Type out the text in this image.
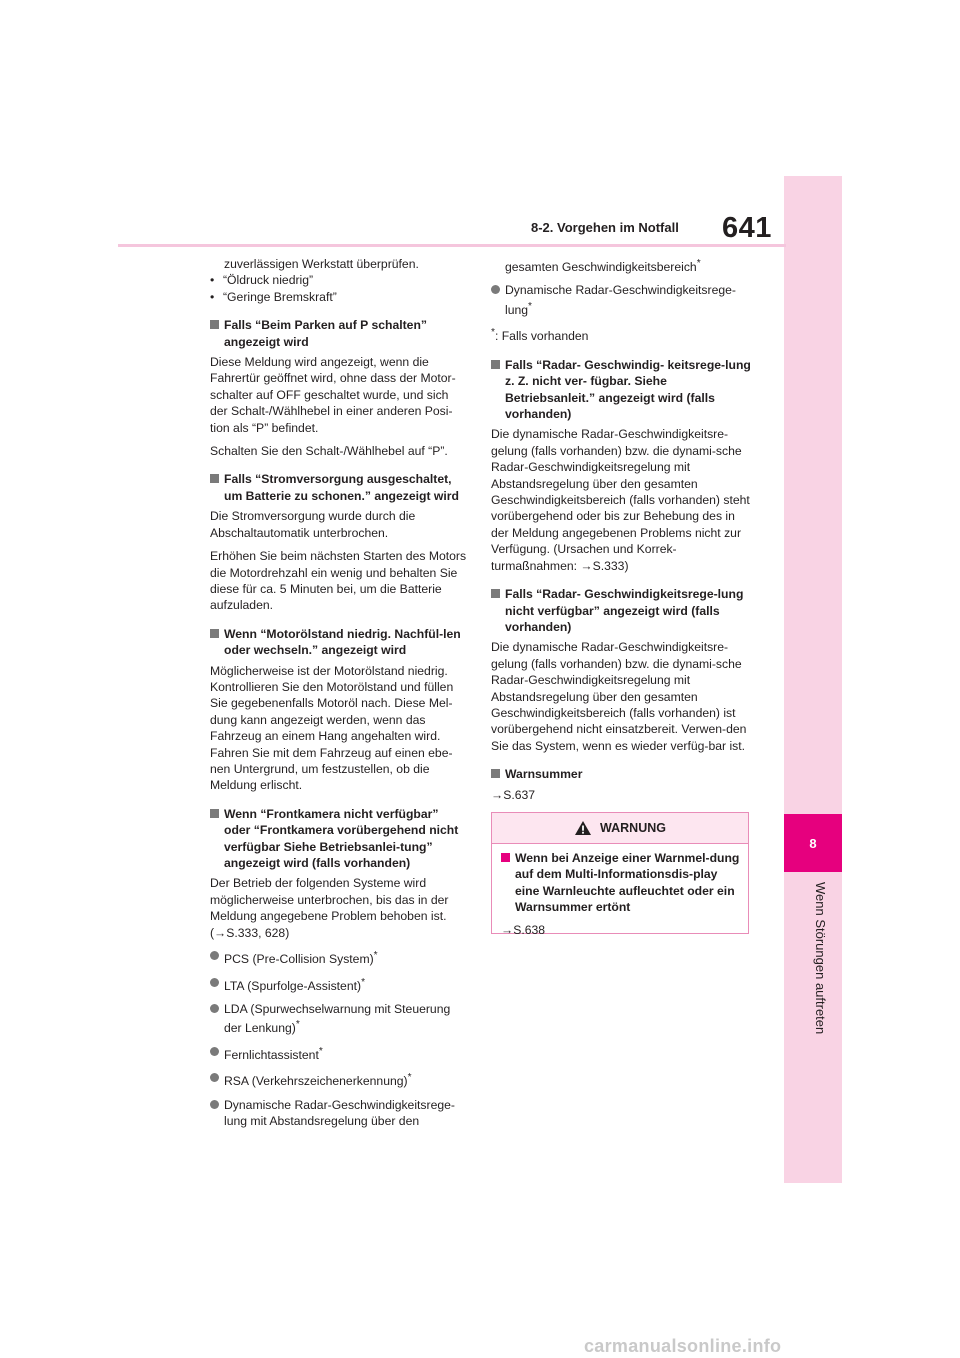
8
Wenn Störungen auftreten
8-2. Vorgehen im Notfall 641

zuverlässigen Werkstatt überprüfen.

• “Öldruck niedrig”

• “Geringe Bremskraft”

Falls “Beim Parken auf P schalten” angezeigt wird

Diese Meldung wird angezeigt, wenn die Fahrertür geöffnet wird, ohne dass der Motor-schalter auf OFF geschaltet wurde, und sich der Schalt-/Wählhebel in einer anderen Posi-tion als “P” befindet.

Schalten Sie den Schalt-/Wählhebel auf “P”.

Falls “Stromversorgung ausgeschaltet, um Batterie zu schonen.” angezeigt wird

Die Stromversorgung wurde durch die Abschaltautomatik unterbrochen.

Erhöhen Sie beim nächsten Starten des Motors die Motordrehzahl ein wenig und behalten Sie diese für ca. 5 Minuten bei, um die Batterie aufzuladen.

Wenn “Motorölstand niedrig. Nachfül-len oder wechseln.” angezeigt wird

Möglicherweise ist der Motorölstand niedrig. Kontrollieren Sie den Motorölstand und füllen Sie gegebenenfalls Motoröl nach. Diese Mel-dung kann angezeigt werden, wenn das Fahrzeug an einem Hang angehalten wird. Fahren Sie mit dem Fahrzeug auf einen ebe-nen Untergrund, um festzustellen, ob die Meldung erlischt.

Wenn “Frontkamera nicht verfügbar” oder “Frontkamera vorübergehend nicht verfügbar Siehe Betriebsanlei-tung” angezeigt wird (falls vorhanden)

Der Betrieb der folgenden Systeme wird möglicherweise unterbrochen, bis das in der Meldung angegebene Problem behoben ist.
(→S.333, 628)

PCS (Pre-Collision System)*

LTA (Spurfolge-Assistent)*

LDA (Spurwechselwarnung mit Steuerung der Lenkung)*

Fernlichtassistent*

RSA (Verkehrszeichenerkennung)*

Dynamische Radar-Geschwindigkeitsrege-lung mit Abstandsregelung über den

gesamten Geschwindigkeitsbereich*

Dynamische Radar-Geschwindigkeitsrege-lung*

*: Falls vorhanden

Falls “Radar- Geschwindig- keitsrege-lung z. Z. nicht ver- fügbar. Siehe Betriebsanleit.” angezeigt wird (falls vorhanden)

Die dynamische Radar-Geschwindigkeitsre-gelung (falls vorhanden) bzw. die dynami-sche Radar-Geschwindigkeitsregelung mit Abstandsregelung über den gesamten Geschwindigkeitsbereich (falls vorhanden) steht vorübergehend oder bis zur Behebung des in der Meldung angegebenen Problems nicht zur Verfügung. (Ursachen und Korrek-turmaßnahmen: →S.333)

Falls “Radar- Geschwindigkeitsrege-lung nicht verfügbar” angezeigt wird (falls vorhanden)

Die dynamische Radar-Geschwindigkeitsre-gelung (falls vorhanden) bzw. die dynami-sche Radar-Geschwindigkeitsregelung mit Abstandsregelung über den gesamten Geschwindigkeitsbereich (falls vorhanden) ist vorübergehend nicht einsatzbereit. Verwen-den Sie das System, wenn es wieder verfüg-bar ist.

Warnsummer

→S.637

WARNUNG
Wenn bei Anzeige einer Warnmel-dung auf dem Multi-Informationsdis-play eine Warnleuchte aufleuchtet oder ein Warnsummer ertönt

→S.638

carmanualsonline.info
